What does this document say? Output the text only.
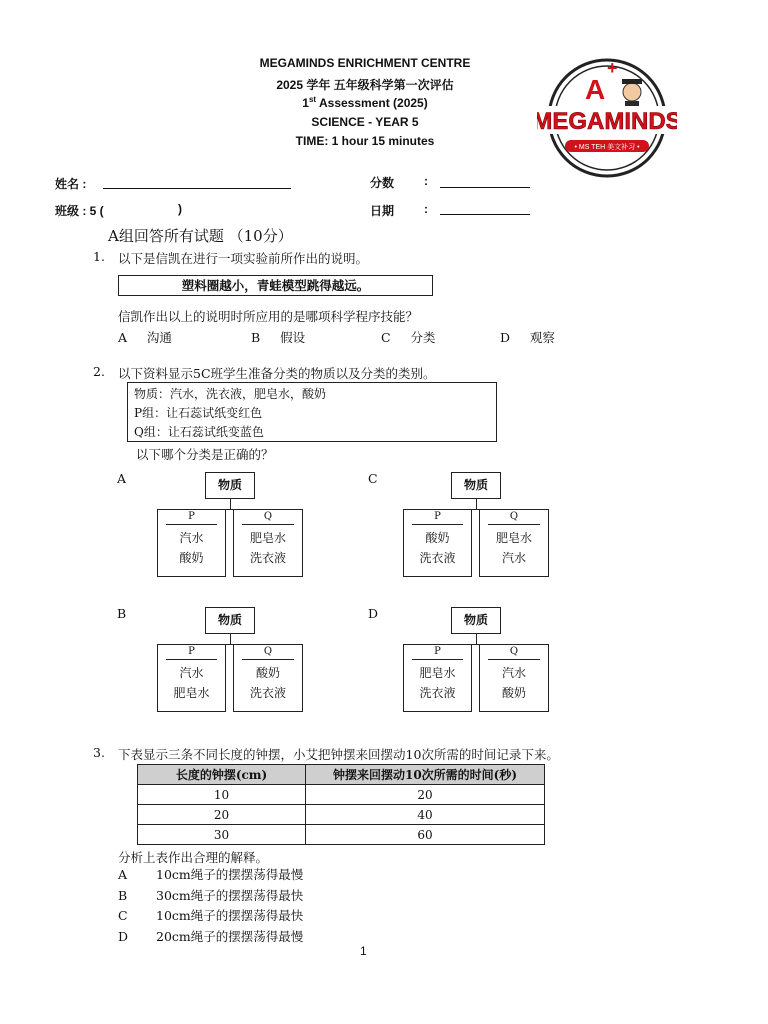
MEGAMINDS ENRICHMENT CENTRE
2025 学年 五年级科学第一次评估
1st Assessment (2025)
SCIENCE - YEAR 5
TIME: 1 hour 15 minutes
A
+
MEGAMINDS
• MS TEH 美文补习 •
姓名 :	分数 :
班级 : 5 (	)	日期 :
A组回答所有试题 （10分）
1. 以下是信凯在进行一项实验前所作出的说明。
塑料圈越小，青蛙模型跳得越远。
信凯作出以上的说明时所应用的是哪项科学程序技能？
A 沟通	B 假设	C 分类	D 观察
2. 以下资料显示5C班学生准备分类的物质以及分类的类别。
物质：汽水，洗衣液，肥皂水，酸奶
P组：让石蕊试纸变红色
Q组：让石蕊试纸变蓝色
以下哪个分类是正确的？
A	物质
P
汽水
酸奶
Q
肥皂水
洗衣液
C	物质
P
酸奶
洗衣液
Q
肥皂水
汽水
B	物质
P
汽水
肥皂水
Q
酸奶
洗衣液
D	物质
P
肥皂水
洗衣液
Q
汽水
酸奶
3. 下表显示三条不同长度的钟摆，小艾把钟摆来回摆动10次所需的时间记录下来。
长度的钟摆(cm)	钟摆来回摆动10次所需的时间(秒)
10	20
20	40
30	60
分析上表作出合理的解释。
A 10cm绳子的摆摆荡得最慢
B 30cm绳子的摆摆荡得最快
C 10cm绳子的摆摆荡得最快
D 20cm绳子的摆摆荡得最慢
1
